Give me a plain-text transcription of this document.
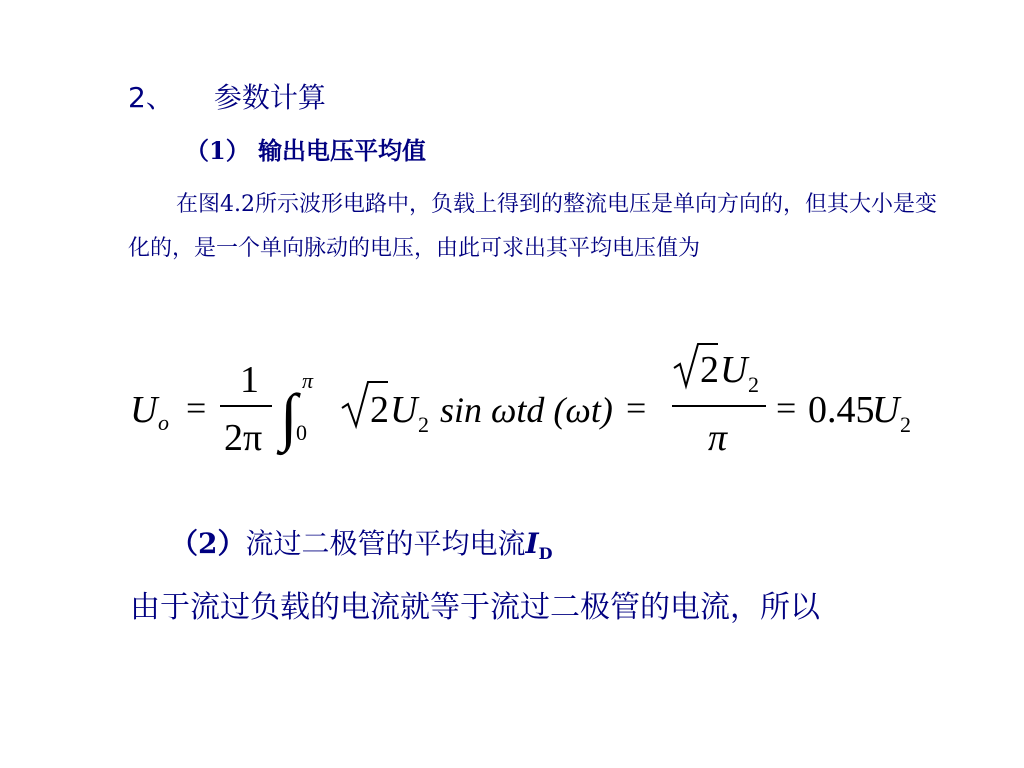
2、 参数计算
（1） 输出电压平均值
在图4.2所示波形电路中，负载上得到的整流电压是单向方向的，但其大小是变化的，是一个单向脉动的电压，由此可求出其平均电压值为
U o =
1
2π ∫
π
0
2 U 2 sin ωtd (ωt) =
2 U 2
π
= 0.45
U 2
（2）流过二极管的平均电流$I_D$
由于流过负载的电流就等于流过二极管的电流，所以
